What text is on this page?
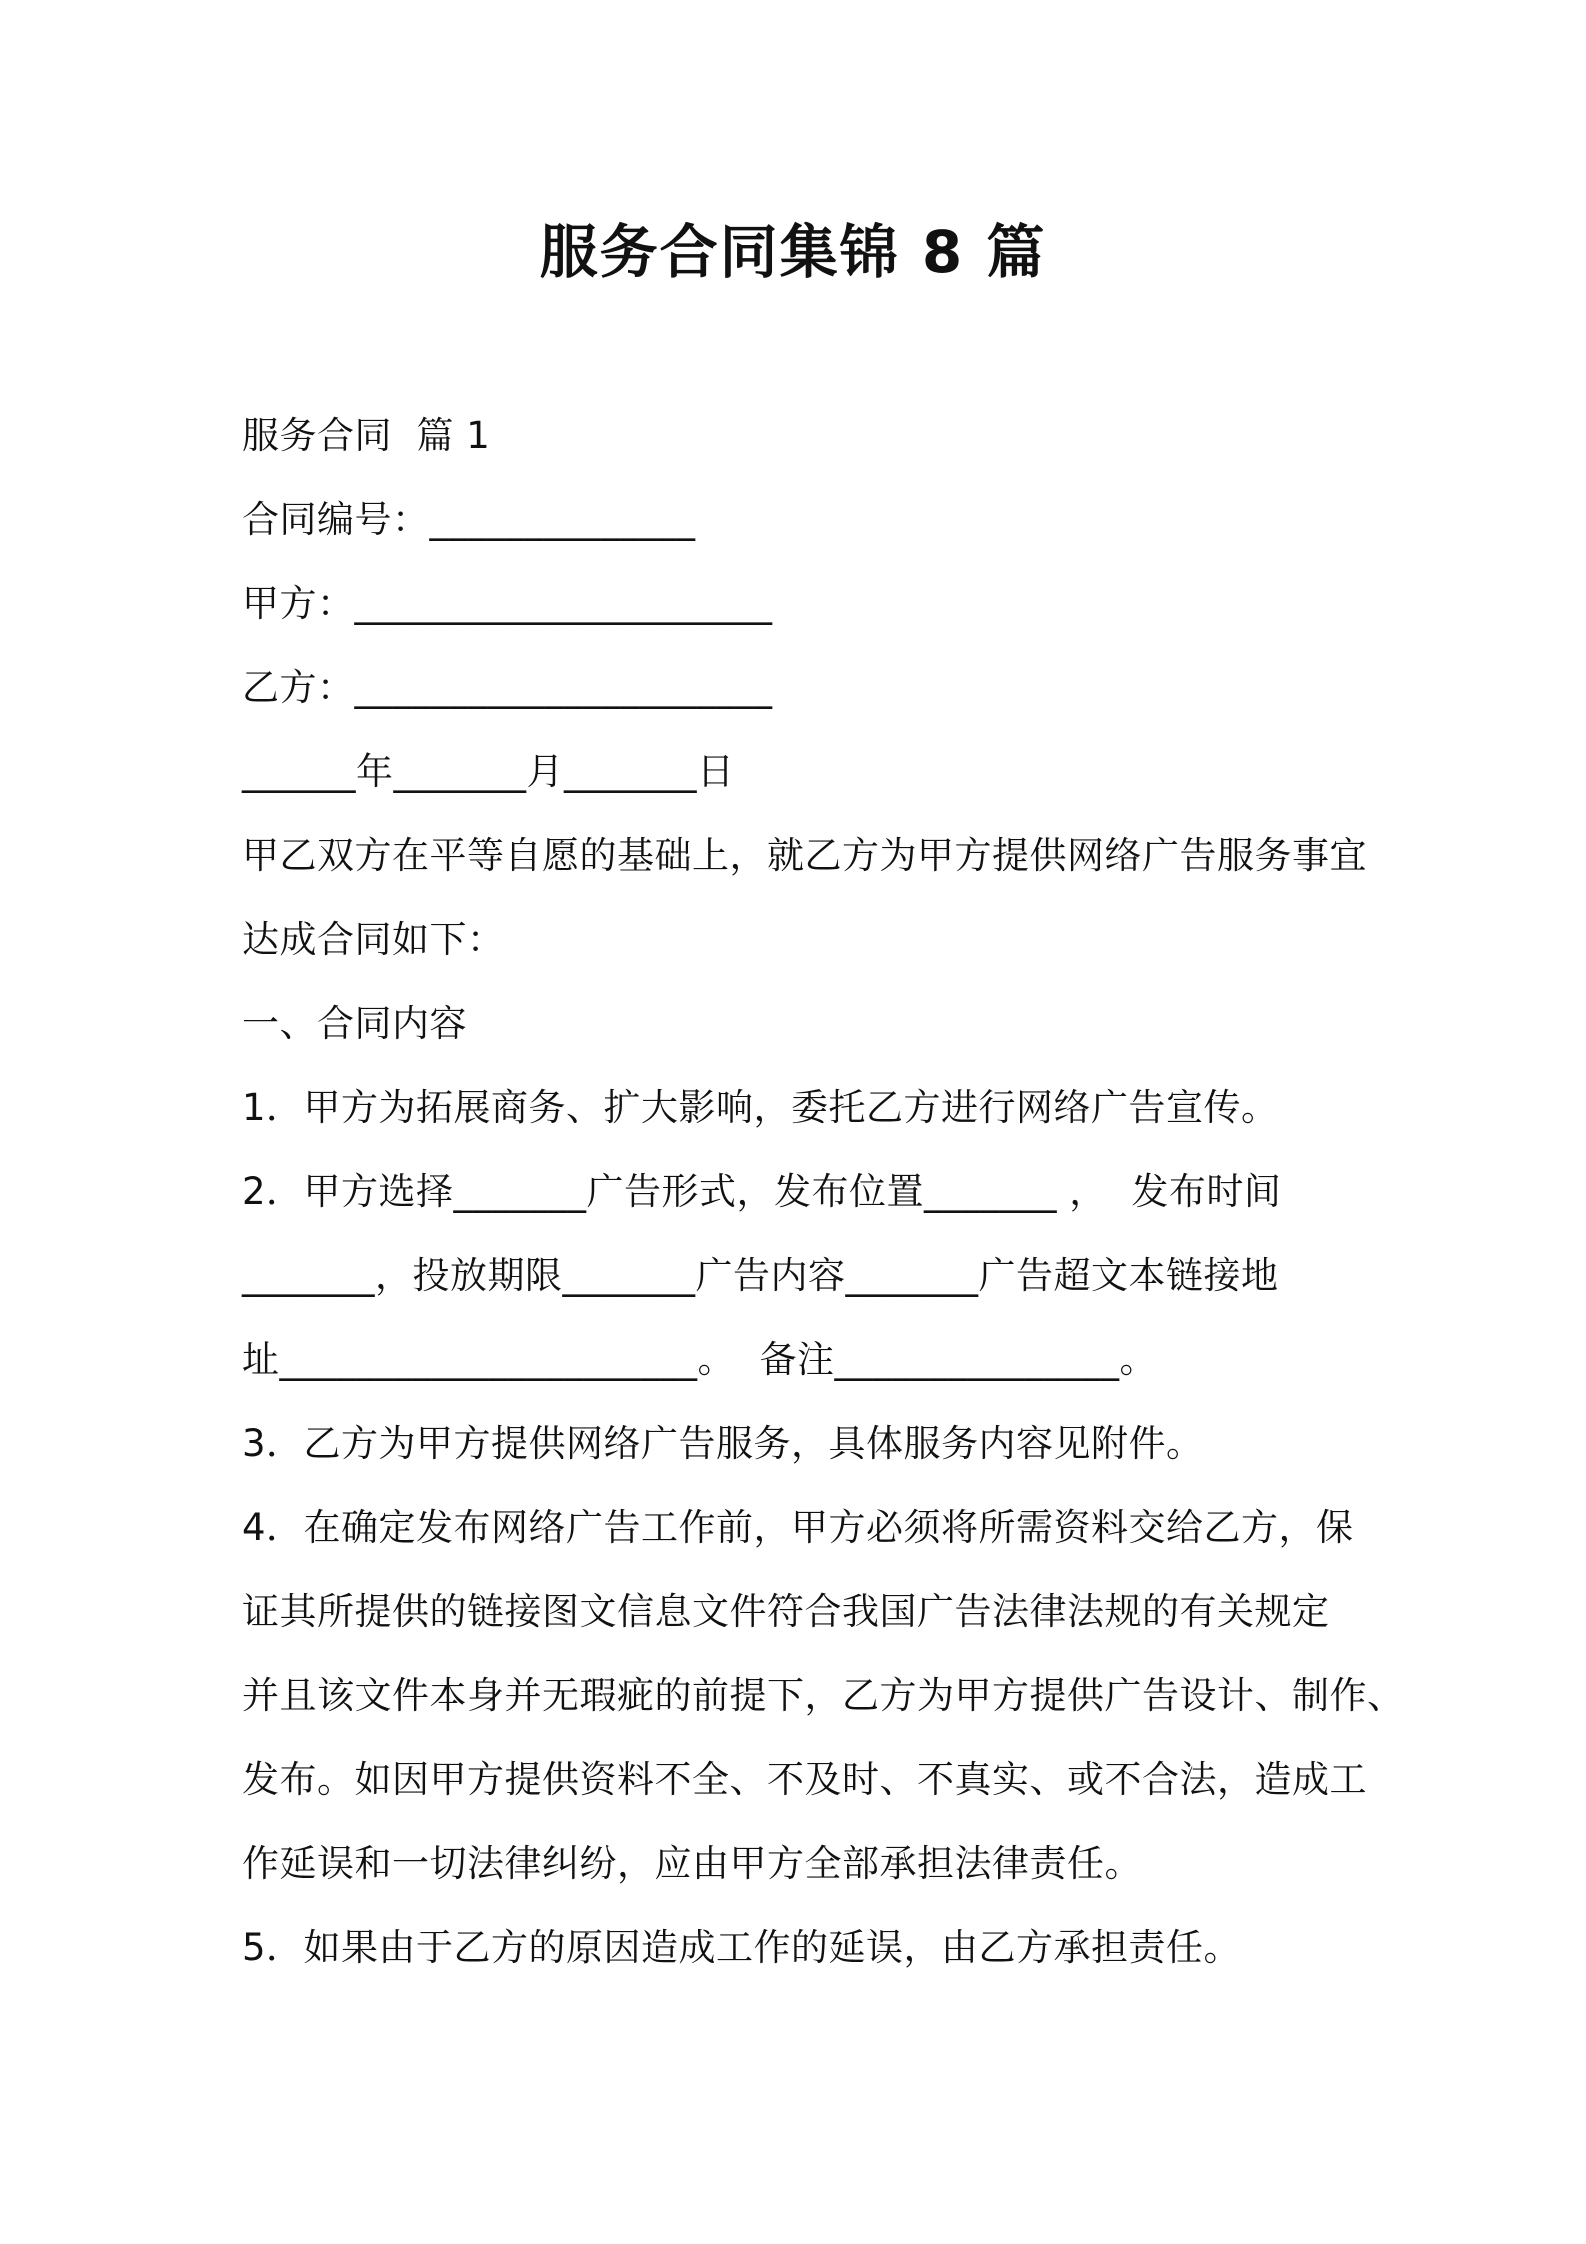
服务合同集锦 8 篇
服务合同  篇 1
合同编号：______________
甲方：______________________
乙方：______________________
______年_______月_______日
甲乙双方在平等自愿的基础上，就乙方为甲方提供网络广告服务事宜
达成合同如下：
一、合同内容
1．甲方为拓展商务、扩大影响，委托乙方进行网络广告宣传。
2．甲方选择_______广告形式，发布位置_______ ，  发布时间
_______，投放期限_______广告内容_______广告超文本链接地
址______________________。  备注_______________。
3．乙方为甲方提供网络广告服务，具体服务内容见附件。
4．在确定发布网络广告工作前，甲方必须将所需资料交给乙方，保
证其所提供的链接图文信息文件符合我国广告法律法规的有关规定
并且该文件本身并无瑕疵的前提下，乙方为甲方提供广告设计、制作、
发布。如因甲方提供资料不全、不及时、不真实、或不合法，造成工
作延误和一切法律纠纷，应由甲方全部承担法律责任。
5．如果由于乙方的原因造成工作的延误，由乙方承担责任。
